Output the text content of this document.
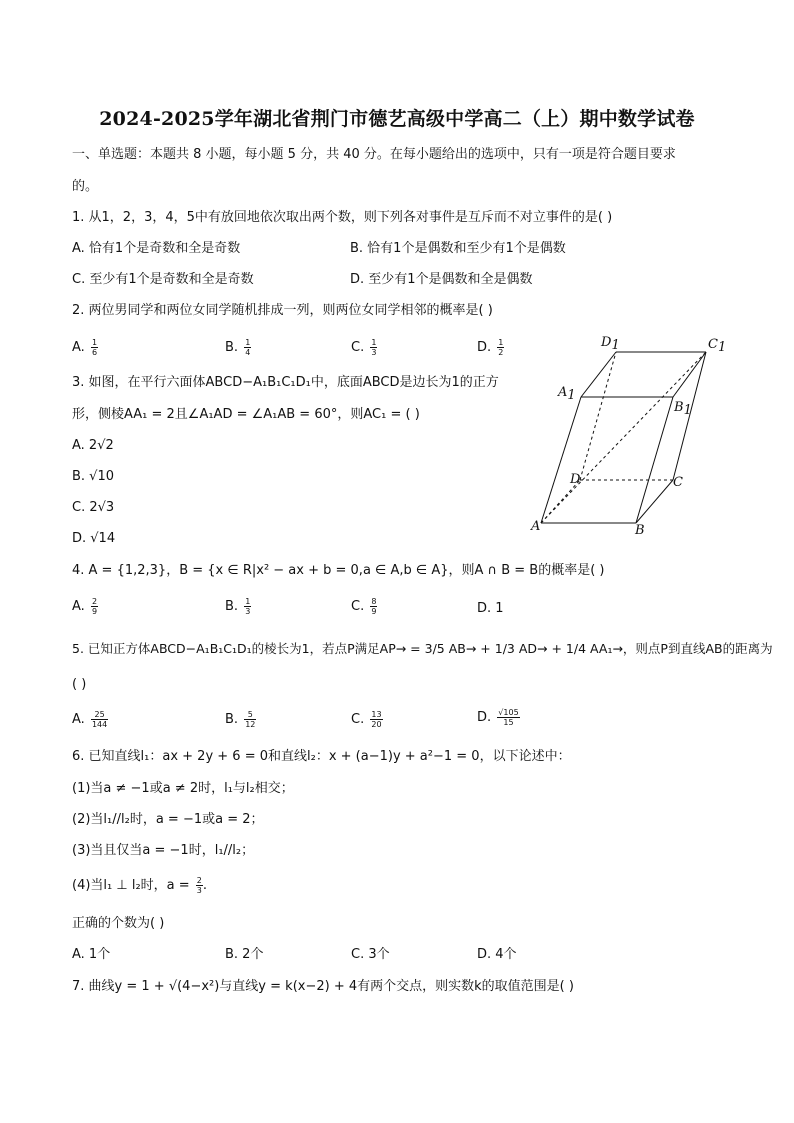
2024-2025学年湖北省荆门市德艺高级中学高二（上）期中数学试卷
一、单选题：本题共 8 小题，每小题 5 分，共 40 分。在每小题给出的选项中，只有一项是符合题目要求
的。
1. 从1，2，3，4，5中有放回地依次取出两个数，则下列各对事件是互斥而不对立事件的是( )
A. 恰有1个是奇数和全是奇数	B. 恰有1个是偶数和至少有1个是偶数
C. 至少有1个是奇数和全是奇数	D. 至少有1个是偶数和全是偶数
2. 两位男同学和两位女同学随机排成一列，则两位女同学相邻的概率是( )
A. $\frac{1}{6}$	B. $\frac{1}{4}$	C. $\frac{1}{3}$	D. $\frac{1}{2}$
3. 如图，在平行六面体ABCD−A₁B₁C₁D₁中，底面ABCD是边长为1的正方
形，侧棱AA₁ = 2且∠A₁AD = ∠A₁AB = 60°，则AC₁ = ( )
A. 2√2
B. √10
C. 2√3
D. √14
D1	C1
A1
B1
D	C
A	B
4. A = {1,2,3}，B = {x ∈ R|x² − ax + b = 0,a ∈ A,b ∈ A}，则A ∩ B = B的概率是( )
A. $\frac{2}{9}$	B. $\frac{1}{3}$	C. $\frac{8}{9}$	D. 1
5. 已知正方体ABCD−A₁B₁C₁D₁的棱长为1，若点P满足AP→ = 3/5 AB→ + 1/3 AD→ + 1/4 AA₁→，则点P到直线AB的距离为
( )
A. $\frac{25}{144}$	B. $\frac{5}{12}$	C. $\frac{13}{20}$	D. $\frac{√105}{15}$
6. 已知直线l₁：ax + 2y + 6 = 0和直线l₂：x + (a−1)y + a²−1 = 0，以下论述中：
(1)当a ≠ −1或a ≠ 2时，l₁与l₂相交；
(2)当l₁//l₂时，a = −1或a = 2；
(3)当且仅当a = −1时，l₁//l₂；
(4)当l₁ ⊥ l₂时，$a = \frac{2}{3}$ .
正确的个数为( )
A. 1个	B. 2个	C. 3个	D. 4个
7. 曲线y = 1 + √(4−x²)与直线y = k(x−2) + 4有两个交点，则实数k的取值范围是( )
